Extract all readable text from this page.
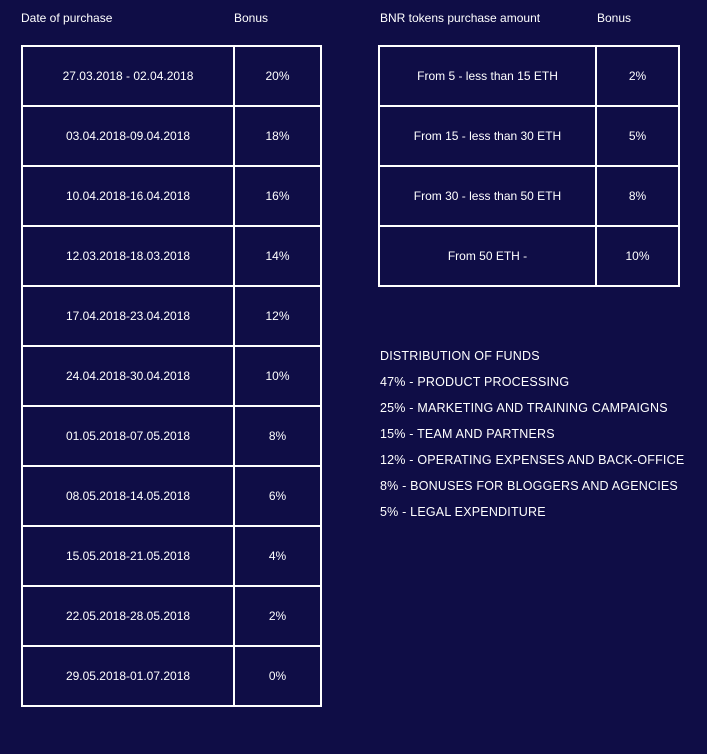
Date of purchase	Bonus	BNR tokens purchase amount	Bonus
27.03.2018 - 02.04.2018	20%
03.04.2018-09.04.2018	18%
10.04.2018-16.04.2018	16%
12.03.2018-18.03.2018	14%
17.04.2018-23.04.2018	12%
24.04.2018-30.04.2018	10%
01.05.2018-07.05.2018	8%
08.05.2018-14.05.2018	6%
15.05.2018-21.05.2018	4%
22.05.2018-28.05.2018	2%
29.05.2018-01.07.2018	0%
From 5 - less than 15 ETH	2%
From 15 - less than 30 ETH	5%
From 30 - less than 50 ETH	8%
From 50 ETH -	10%
DISTRIBUTION OF FUNDS
47% - PRODUCT PROCESSING
25% - MARKETING AND TRAINING CAMPAIGNS
15% - TEAM AND PARTNERS
12% - OPERATING EXPENSES AND BACK-OFFICE
8% - BONUSES FOR BLOGGERS AND AGENCIES
5% - LEGAL EXPENDITURE
